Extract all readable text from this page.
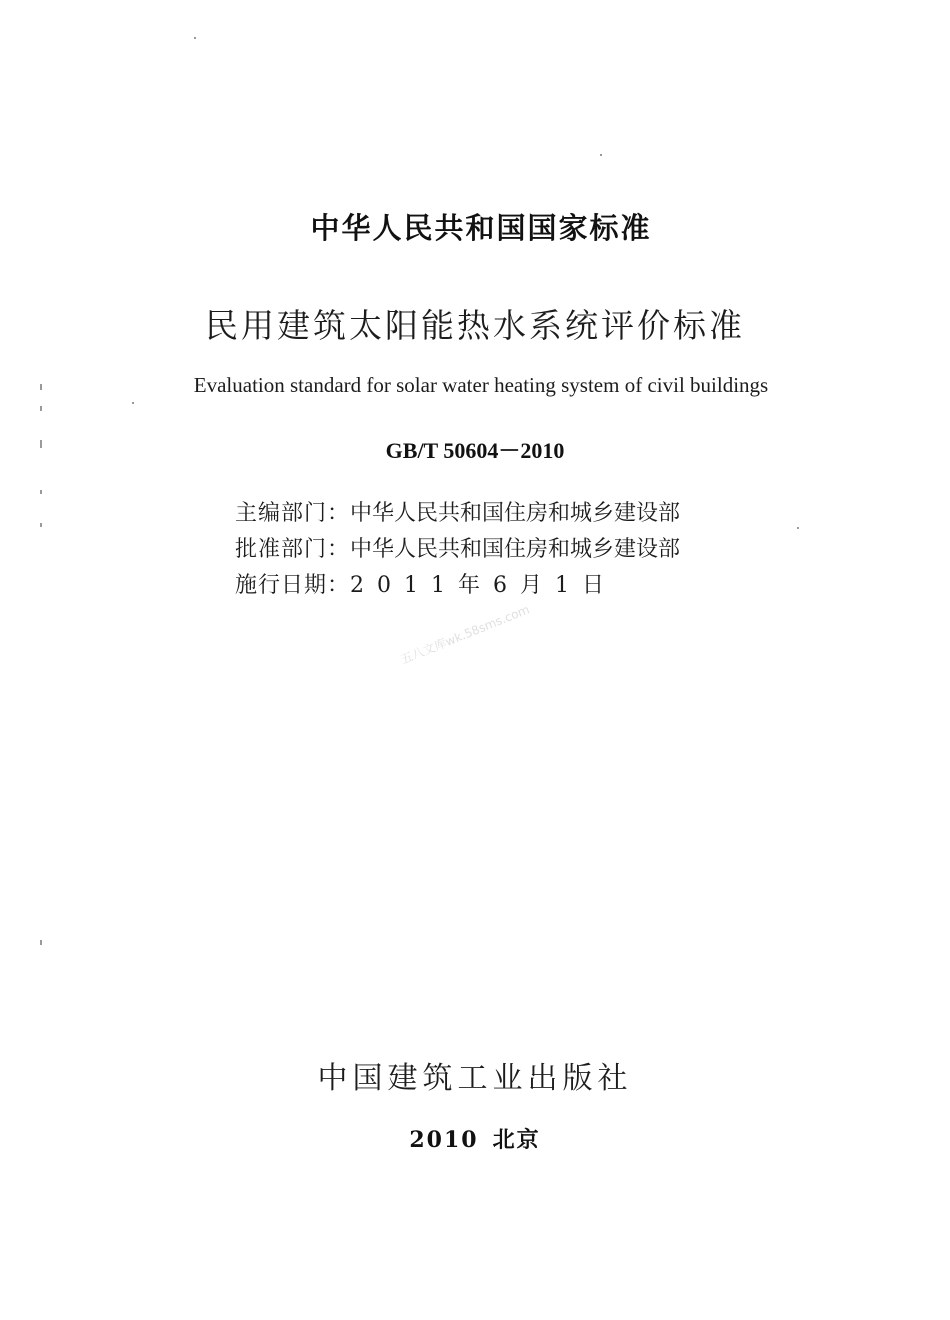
中华人民共和国国家标准
民用建筑太阳能热水系统评价标准
Evaluation standard for solar water heating system of civil buildings
GB/T 50604－2010
主编部门：中华人民共和国住房和城乡建设部
批准部门：中华人民共和国住房和城乡建设部
施行日期：2011年6月1日
五八文库wk.58sms.com
中国建筑工业出版社
2010 北京
